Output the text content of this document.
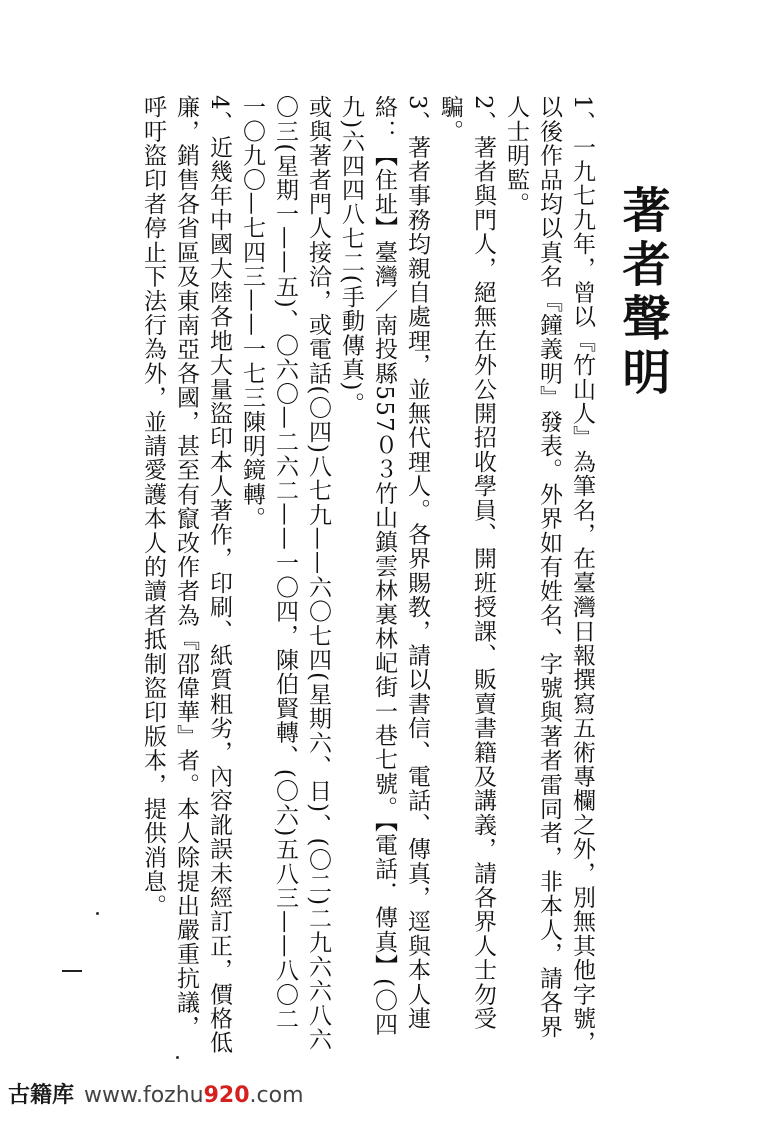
著者聲明

1、一九七九年，曾以『竹山人』為筆名，在臺灣日報撰寫五術專欄之外，別無其他字號，以後作品均以真名『鐘義明』發表。外界如有姓名、字號與著者雷同者，非本人，請各界人士明監。

2、著者與門人，絕無在外公開招收學員、開班授課、販賣書籍及講義，請各界人士勿受騙。

3、著者事務均親自處理，並無代理人。各界賜教，請以書信、電話、傳真，逕與本人連絡：【住址】臺灣／南投縣557０３竹山鎮雲林裏林屺街一巷七號。【電話．傳真】(〇四九)六四四八七二(手動傳真)。

或與著者門人接洽，或電話(〇四)八七九——六〇七四(星期六、日)、(〇二)二九六六八六〇三(星期一——五)、〇六〇—二六二——一〇四，陳伯賢轉、(〇六)五八三——八〇二一〇九〇—七四三——一七三陳明鏡轉。

4、近幾年中國大陸各地大量盜印本人著作，印刷、紙質粗劣，內容訛誤未經訂正，價格低廉，銷售各省區及東南亞各國，甚至有竄改作者為『邵偉華』者。本人除提出嚴重抗議，呼吁盜印者停止下法行為外，並請愛護本人的讀者抵制盜印版本，提供消息。

古籍库 www.fozhu920.com
